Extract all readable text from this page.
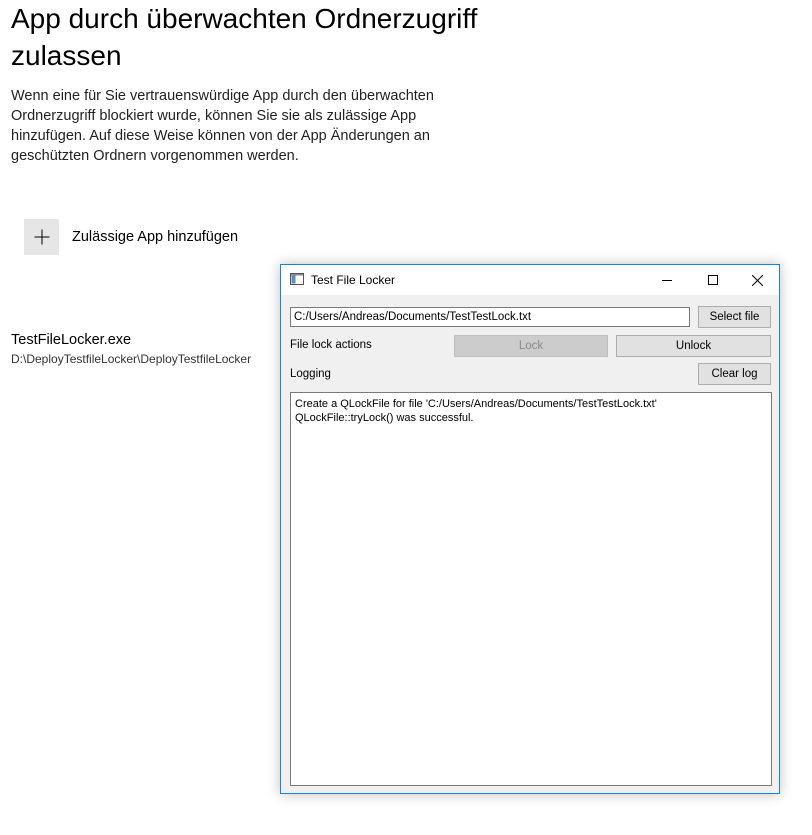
App durch überwachten Ordnerzugriff zulassen

Wenn eine für Sie vertrauenswürdige App durch den überwachten Ordnerzugriff blockiert wurde, können Sie sie als zulässige App hinzufügen. Auf diese Weise können von der App Änderungen an geschützten Ordnern vorgenommen werden.

Zulässige App hinzufügen
TestFileLocker.exe
D:\DeployTestfileLocker\DeployTestfileLocker
Test File Locker
C:/Users/Andreas/Documents/TestTestLock.txt	Select file
File lock actions	Lock	Unlock
Logging	Clear log
Create a QLockFile for file 'C:/Users/Andreas/Documents/TestTestLock.txt'
QLockFile::tryLock() was successful.
